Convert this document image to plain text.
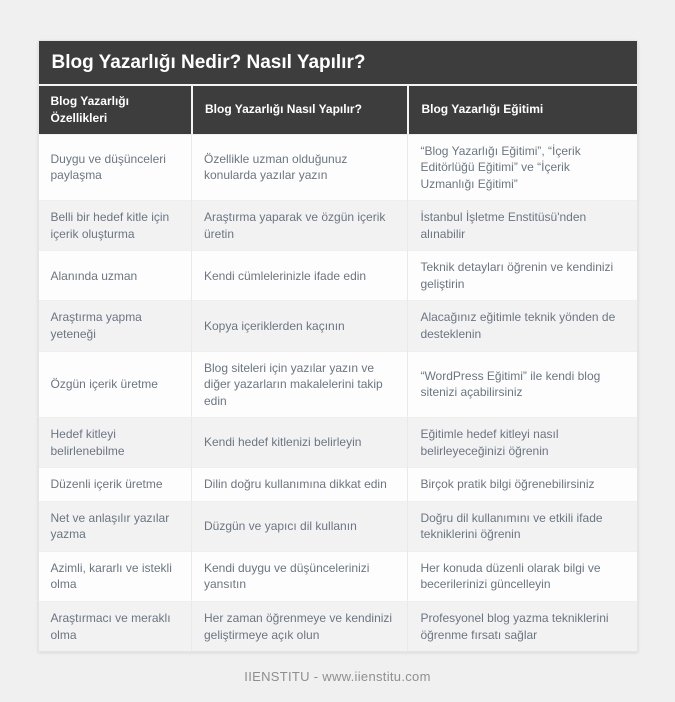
Blog Yazarlığı Nedir? Nasıl Yapılır?
Blog Yazarlığı Özellikleri	Blog Yazarlığı Nasıl Yapılır?	Blog Yazarlığı Eğitimi
Duygu ve düşünceleri paylaşma	Özellikle uzman olduğunuz konularda yazılar yazın	“Blog Yazarlığı Eğitimi”, “İçerik Editörlüğü Eğitimi” ve “İçerik Uzmanlığı Eğitimi”
Belli bir hedef kitle için içerik oluşturma	Araştırma yaparak ve özgün içerik üretin	İstanbul İşletme Enstitüsü'nden alınabilir
Alanında uzman	Kendi cümlelerinizle ifade edin	Teknik detayları öğrenin ve kendinizi geliştirin
Araştırma yapma yeteneği	Kopya içeriklerden kaçının	Alacağınız eğitimle teknik yönden de desteklenin
Özgün içerik üretme	Blog siteleri için yazılar yazın ve diğer yazarların makalelerini takip edin	“WordPress Eğitimi” ile kendi blog sitenizi açabilirsiniz
Hedef kitleyi belirlenebilme	Kendi hedef kitlenizi belirleyin	Eğitimle hedef kitleyi nasıl belirleyeceğinizi öğrenin
Düzenli içerik üretme	Dilin doğru kullanımına dikkat edin	Birçok pratik bilgi öğrenebilirsiniz
Net ve anlaşılır yazılar yazma	Düzgün ve yapıcı dil kullanın	Doğru dil kullanımını ve etkili ifade tekniklerini öğrenin
Azimli, kararlı ve istekli olma	Kendi duygu ve düşüncelerinizi yansıtın	Her konuda düzenli olarak bilgi ve becerilerinizi güncelleyin
Araştırmacı ve meraklı olma	Her zaman öğrenmeye ve kendinizi geliştirmeye açık olun	Profesyonel blog yazma tekniklerini öğrenme fırsatı sağlar
IIENSTITU - www.iienstitu.com
